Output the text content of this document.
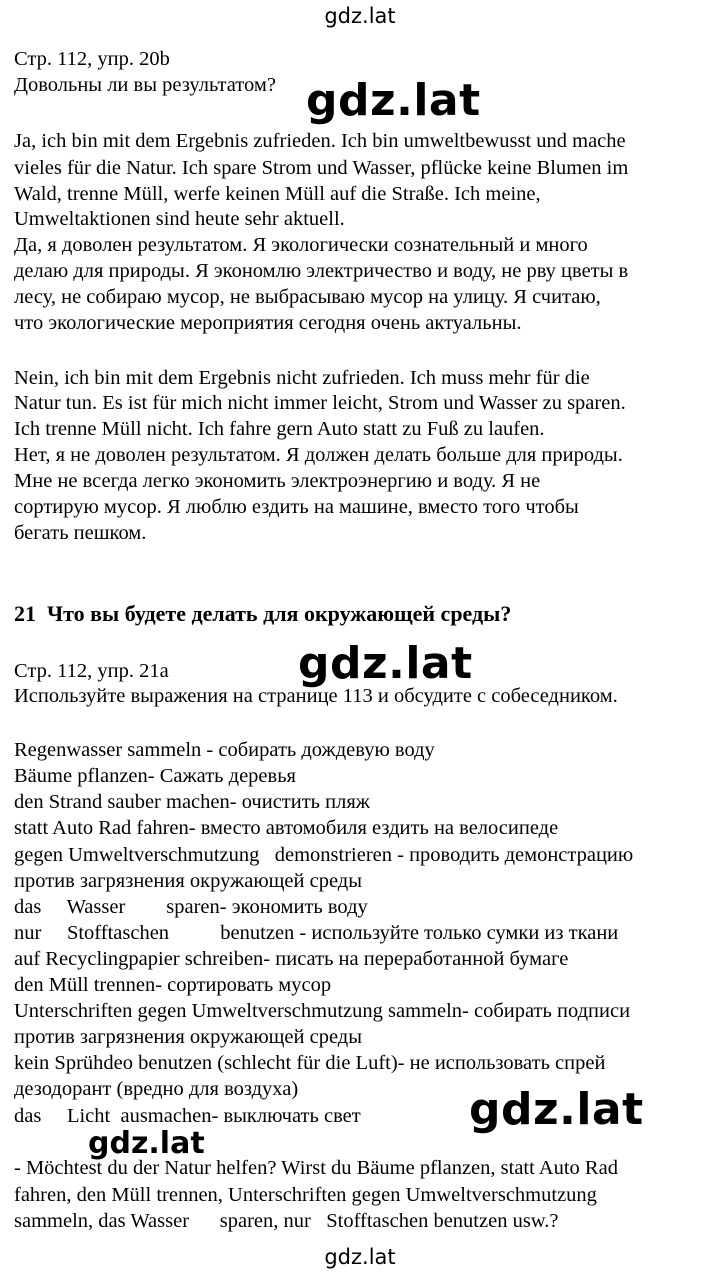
gdz.lat
Стр. 112, упр. 20b
Довольны ли вы результатом?
Ja, ich bin mit dem Ergebnis zufrieden. Ich bin umweltbewusst und mache
vieles für die Natur. Ich spare Strom und Wasser, pflücke keine Blumen im
Wald, trenne Müll, werfe keinen Müll auf die Straße. Ich meine,
Umweltaktionen sind heute sehr aktuell.
Да, я доволен результатом. Я экологически сознательный и много
делаю для природы. Я экономлю электричество и воду, не рву цветы в
лесу, не собираю мусор, не выбрасываю мусор на улицу. Я считаю,
что экологические мероприятия сегодня очень актуальны.
Nein, ich bin mit dem Ergebnis nicht zufrieden. Ich muss mehr für die
Natur tun. Es ist für mich nicht immer leicht, Strom und Wasser zu sparen.
Ich trenne Müll nicht. Ich fahre gern Auto statt zu Fuß zu laufen.
Нет, я не доволен результатом. Я должен делать больше для природы.
Мне не всегда легко экономить электроэнергию и воду. Я не
сортирую мусор. Я люблю ездить на машине, вместо того чтобы
бегать пешком.
21  Что вы будете делать для окружающей среды?
Стр. 112, упр. 21a
Используйте выражения на странице 113 и обсудите с собеседником.
Regenwasser sammeln - собирать дождевую воду
Bäume pflanzen- Сажать деревья
den Strand sauber machen- очистить пляж
statt Auto Rad fahren- вместо автомобиля ездить на велосипеде
gegen Umweltverschmutzung   demonstrieren - проводить демонстрацию
против загрязнения окружающей среды
das     Wasser        sparen- экономить воду
nur     Stofftaschen          benutzen - используйте только сумки из ткани
auf Recyclingpapier schreiben- писать на переработанной бумаге
den Müll trennen- сортировать мусор
Unterschriften gegen Umweltverschmutzung sammeln- собирать подписи
против загрязнения окружающей среды
kein Sprühdeo benutzen (schlecht für die Luft)- не использовать спрей
дезодорант (вредно для воздуха)
das     Licht  ausmachen- выключать свет
- Möchtest du der Natur helfen? Wirst du Bäume pflanzen, statt Auto Rad
fahren, den Müll trennen, Unterschriften gegen Umweltverschmutzung
sammeln, das Wasser      sparen, nur   Stofftaschen benutzen usw.?
gdz.lat
gdz.lat
gdz.lat
gdz.lat
gdz.lat
